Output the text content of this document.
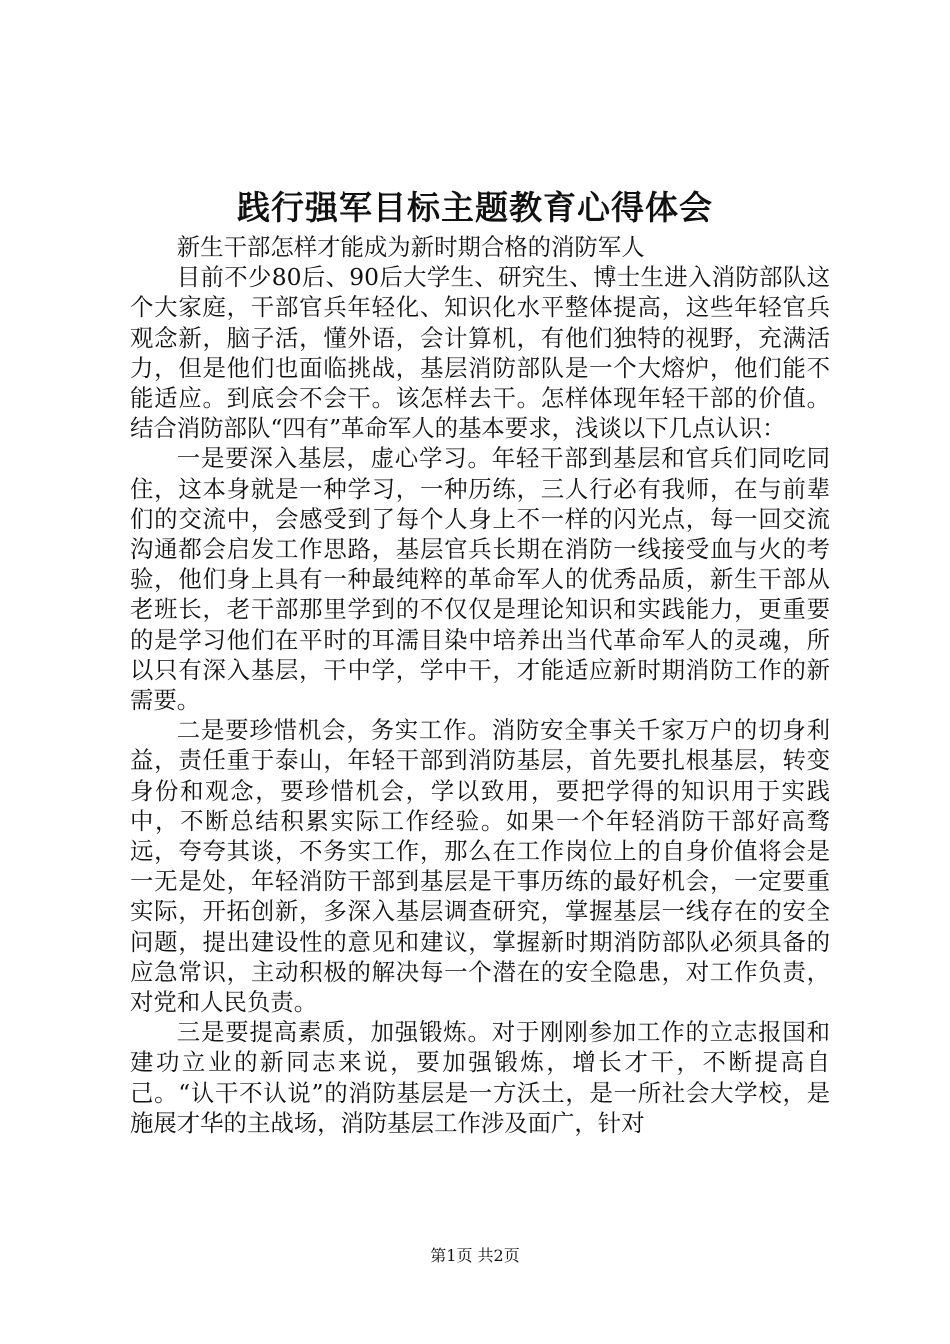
践行强军目标主题教育心得体会

新生干部怎样才能成为新时期合格的消防军人

目前不少80后、90后大学生、研究生、博士生进入消防部队这个大家庭，干部官兵年轻化、知识化水平整体提高，这些年轻官兵观念新，脑子活，懂外语，会计算机，有他们独特的视野，充满活力，但是他们也面临挑战，基层消防部队是一个大熔炉，他们能不能适应。到底会不会干。该怎样去干。怎样体现年轻干部的价值。结合消防部队“四有”革命军人的基本要求，浅谈以下几点认识：

一是要深入基层，虚心学习。年轻干部到基层和官兵们同吃同住，这本身就是一种学习，一种历练，三人行必有我师，在与前辈们的交流中，会感受到了每个人身上不一样的闪光点，每一回交流沟通都会启发工作思路，基层官兵长期在消防一线接受血与火的考验，他们身上具有一种最纯粹的革命军人的优秀品质，新生干部从老班长，老干部那里学到的不仅仅是理论知识和实践能力，更重要的是学习他们在平时的耳濡目染中培养出当代革命军人的灵魂，所以只有深入基层，干中学，学中干，才能适应新时期消防工作的新需要。

二是要珍惜机会，务实工作。消防安全事关千家万户的切身利益，责任重于泰山，年轻干部到消防基层，首先要扎根基层，转变身份和观念，要珍惜机会，学以致用，要把学得的知识用于实践中，不断总结积累实际工作经验。如果一个年轻消防干部好高骛远，夸夸其谈，不务实工作，那么在工作岗位上的自身价值将会是一无是处，年轻消防干部到基层是干事历练的最好机会，一定要重实际，开拓创新，多深入基层调查研究，掌握基层一线存在的安全问题，提出建设性的意见和建议，掌握新时期消防部队必须具备的应急常识，主动积极的解决每一个潜在的安全隐患，对工作负责，对党和人民负责。

三是要提高素质，加强锻炼。对于刚刚参加工作的立志报国和建功立业的新同志来说，要加强锻炼，增长才干，不断提高自己。“认干不认说”的消防基层是一方沃土，是一所社会大学校，是施展才华的主战场，消防基层工作涉及面广，针对

第1页 共2页
